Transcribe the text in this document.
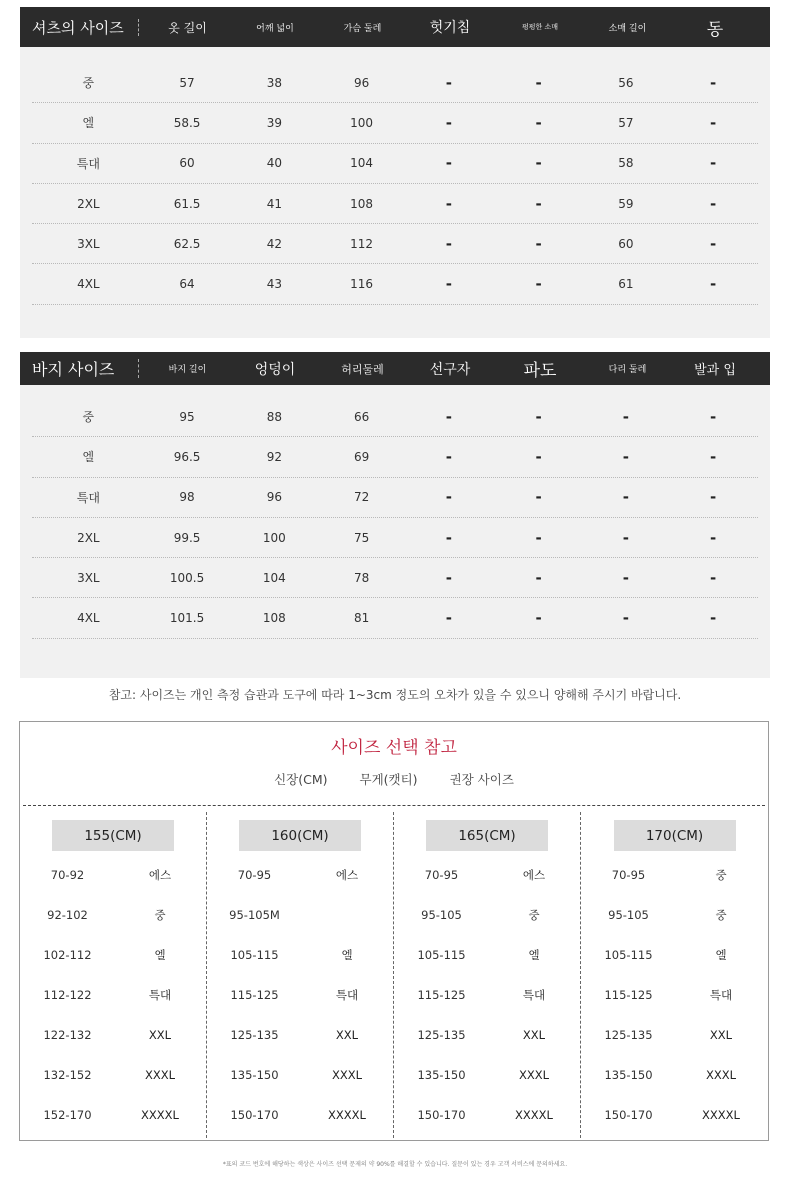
셔츠의 사이즈	옷 길이	어깨 넓이	가슴 둘레	헛기침	펑펑한 소매	소매 길이	동
중	57	38	96	-	-	56	-
엘	58.5	39	100	-	-	57	-
특대	60	40	104	-	-	58	-
2XL	61.5	41	108	-	-	59	-
3XL	62.5	42	112	-	-	60	-
4XL	64	43	116	-	-	61	-
바지 사이즈	바지 길이	엉덩이	허리둘레	선구자	파도	다리 둘레	발과 입
중	95	88	66	-	-	-	-
엘	96.5	92	69	-	-	-	-
특대	98	96	72	-	-	-	-
2XL	99.5	100	75	-	-	-	-
3XL	100.5	104	78	-	-	-	-
4XL	101.5	108	81	-	-	-	-
참고: 사이즈는 개인 측정 습관과 도구에 따라 1~3cm 정도의 오차가 있을 수 있으니 양해해 주시기 바랍니다.
사이즈 선택 참고
신장(CM)	무게(캣티)	권장 사이즈
155(CM)
70-92	에스
92-102	중
102-112	엘
112-122	특대
122-132	XXL
132-152	XXXL
152-170	XXXXL
160(CM)
70-95	에스
95-105M
105-115	엘
115-125	특대
125-135	XXL
135-150	XXXL
150-170	XXXXL
165(CM)
70-95	에스
95-105	중
105-115	엘
115-125	특대
125-135	XXL
135-150	XXXL
150-170	XXXXL
170(CM)
70-95	중
95-105	중
105-115	엘
115-125	특대
125-135	XXL
135-150	XXXL
150-170	XXXXL
*표의 코드 번호에 해당하는 색상은 사이즈 선택 문제의 약 90%를 해결할 수 있습니다. 질문이 있는 경우 고객 서비스에 문의하세요.
